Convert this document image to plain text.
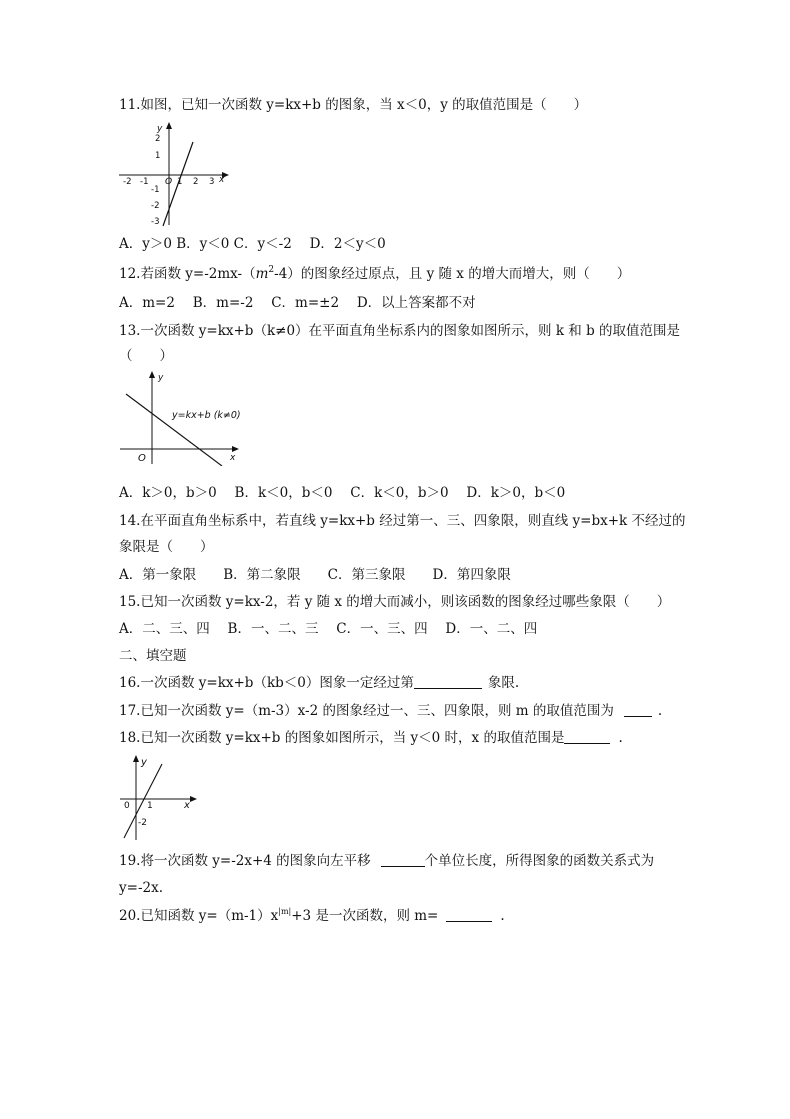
11.如图，已知一次函数 y=kx+b 的图象，当 x＜0，y 的取值范围是（　　）
y
x
O
-2 -1	1 2 3
2
1
-1
-2
-3
A．y＞0 B．y＜0 C．y＜-2　 D．2＜y＜0
12.若函数 $y=-2mx-(m^2-4)$的图象经过原点，且 y 随 x 的增大而增大，则（　　）
A．m=2　 B．m=-2　 C．m=±2　 D．以上答案都不对
13.一次函数 y=kx+b（k≠0）在平面直角坐标系内的图象如图所示，则 k 和 b 的取值范围是
（　　）
y
x
O
y=kx+b (k≠0)
A．k＞0，b＞0　 B．k＜0，b＜0　 C．k＜0，b＞0　 D．k＞0，b＜0
14.在平面直角坐标系中，若直线 y=kx+b 经过第一、三、四象限，则直线 y=bx+k 不经过的
象限是（　　）
A．第一象限　　B．第二象限　　C．第三象限　　D．第四象限
15.已知一次函数 y=kx-2，若 y 随 x 的增大而减小，则该函数的图象经过哪些象限（　　）
A．二、三、四　 B．一、二、三　 C．一、三、四　 D．一、二、四
二、填空题
16.一次函数 y=kx+b（kb＜0）图象一定经过第	象限.
17.已知一次函数 y=（m-3）x-2 的图象经过一、三、四象限，则 m 的取值范围为	.
18.已知一次函数 y=kx+b 的图象如图所示，当 y＜0 时，x 的取值范围是	.
y
x
0 1
-2
19.将一次函数 y=-2x+4 的图象向左平移	个单位长度，所得图象的函数关系式为
y=-2x.
20.已知函数 $y=(m-1)x^{|m|}+3$ 是一次函数，则 m=	.
